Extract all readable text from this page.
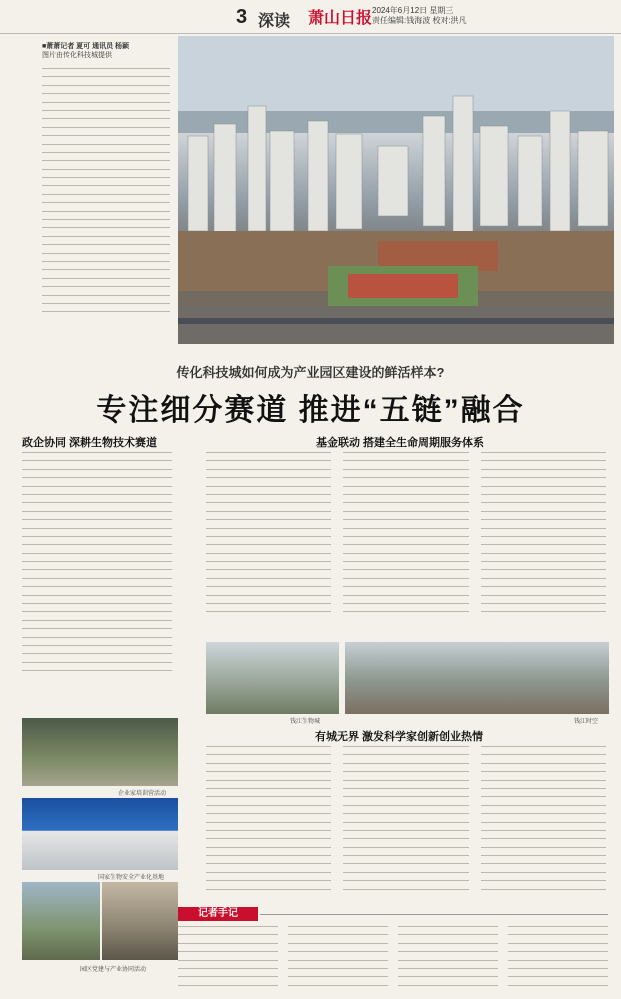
3 深读 萧山日报 2024年6月12日 星期三
责任编辑:钱海波 校对:洪凡
■萧萧记者 夏可 通讯员 杨颖
图片由传化科技城提供
传化科技城如何成为产业园区建设的鲜活样本?
专注细分赛道 推进“五链”融合
政企协同 深耕生物技术赛道	基金联动 搭建全生命周期服务体系
钱江生物城	钱江时空
有城无界 激发科学家创新创业热情
企业家培训营活动
国家生物安全产业化基地
园区党建与产业协同活动
记者手记
